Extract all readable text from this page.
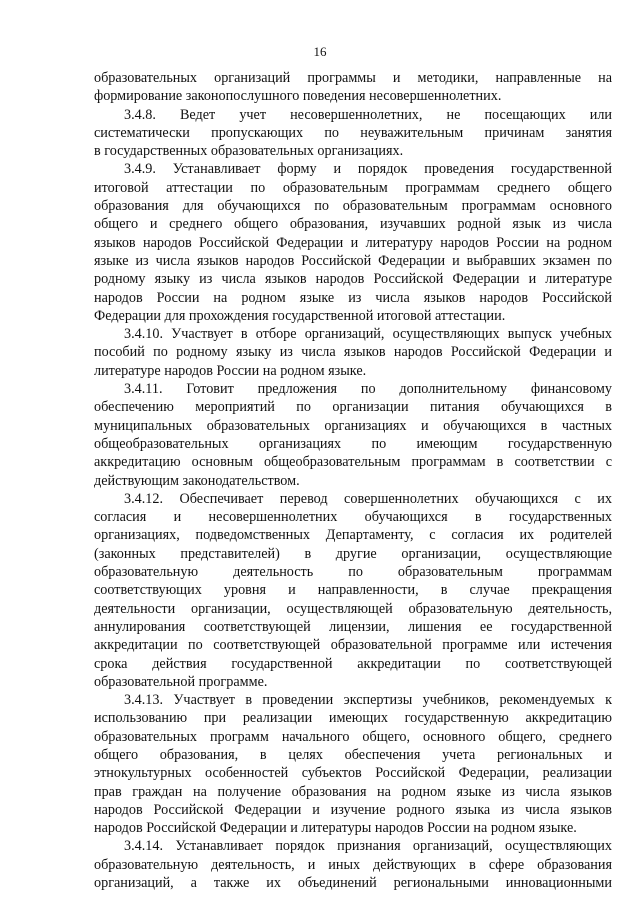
16
образовательных организаций программы и методики, направленные на
формирование законопослушного поведения несовершеннолетних.
3.4.8. Ведет учет несовершеннолетних, не посещающих или
систематически пропускающих по неуважительным причинам занятия
в государственных образовательных организациях.
3.4.9. Устанавливает форму и порядок проведения государственной
итоговой аттестации по образовательным программам среднего общего
образования для обучающихся по образовательным программам основного
общего и среднего общего образования, изучавших родной язык из числа
языков народов Российской Федерации и литературу народов России на родном
языке из числа языков народов Российской Федерации и выбравших экзамен по
родному языку из числа языков народов Российской Федерации и литературе
народов России на родном языке из числа языков народов Российской
Федерации для прохождения государственной итоговой аттестации.
3.4.10. Участвует в отборе организаций, осуществляющих выпуск учебных
пособий по родному языку из числа языков народов Российской Федерации и
литературе народов России на родном языке.
3.4.11. Готовит предложения по дополнительному финансовому
обеспечению мероприятий по организации питания обучающихся в
муниципальных образовательных организациях и обучающихся в частных
общеобразовательных организациях по имеющим государственную
аккредитацию основным общеобразовательным программам в соответствии с
действующим законодательством.
3.4.12. Обеспечивает перевод совершеннолетних обучающихся с их
согласия и несовершеннолетних обучающихся в государственных
организациях, подведомственных Департаменту, с согласия их родителей
(законных представителей) в другие организации, осуществляющие
образовательную деятельность по образовательным программам
соответствующих уровня и направленности, в случае прекращения
деятельности организации, осуществляющей образовательную деятельность,
аннулирования соответствующей лицензии, лишения ее государственной
аккредитации по соответствующей образовательной программе или истечения
срока действия государственной аккредитации по соответствующей
образовательной программе.
3.4.13. Участвует в проведении экспертизы учебников, рекомендуемых к
использованию при реализации имеющих государственную аккредитацию
образовательных программ начального общего, основного общего, среднего
общего образования, в целях обеспечения учета региональных и
этнокультурных особенностей субъектов Российской Федерации, реализации
прав граждан на получение образования на родном языке из числа языков
народов Российской Федерации и изучение родного языка из числа языков
народов Российской Федерации и литературы народов России на родном языке.
3.4.14. Устанавливает порядок признания организаций, осуществляющих
образовательную деятельность, и иных действующих в сфере образования
организаций, а также их объединений региональными инновационными
